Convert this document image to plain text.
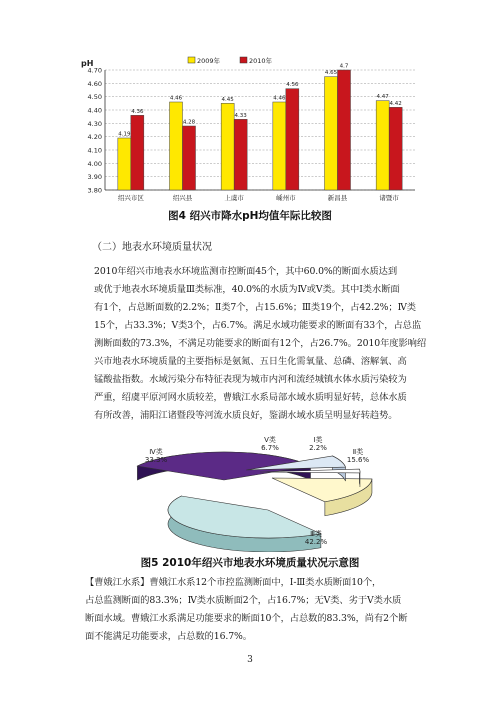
2009年	2010年
pH
4.70
4.60
4.50
4.40
4.30
4.20
4.10
4.00
3.90
3.80
4.19
4.36
绍兴市区
4.46
4.28
绍兴县
4.45
4.33
上虞市
4.46
4.56
嵊州市
4.65
4.7
新昌县
4.47
4.42
诸暨市
图4 绍兴市降水pH均值年际比较图
（二）地表水环境质量状况
2010年绍兴市地表水环境监测市控断面45个，其中60.0%的断面水质达到
或优于地表水环境质量Ⅲ类标准，40.0%的水质为Ⅳ或Ⅴ类。其中Ⅰ类水断面
有1个，占总断面数的2.2%；Ⅱ类7个，占15.6%；Ⅲ类19个，占42.2%；Ⅳ类
15个，占33.3%；Ⅴ类3个，占6.7%。满足水域功能要求的断面有33个，占总监
测断面数的73.3%，不满足功能要求的断面有12个，占26.7%。2010年度影响绍
兴市地表水环境质量的主要指标是氨氮、五日生化需氧量、总磷、溶解氧、高
锰酸盐指数。水域污染分布特征表现为城市内河和流经城镇水体水质污染较为
严重，绍虞平原河网水质较差，曹娥江水系局部水域水质明显好转，总体水质
有所改善，浦阳江诸暨段等河流水质良好，鉴湖水域水质呈明显好转趋势。
Ⅰ类
2.2%	Ⅱ类
15.6%
Ⅲ类
42.2%
Ⅳ类
33.3%
Ⅴ类
6.7%
图5 2010年绍兴市地表水环境质量状况示意图
【曹娥江水系】曹娥江水系12个市控监测断面中，Ⅰ-Ⅲ类水质断面10个，
占总监测断面的83.3%；Ⅳ类水质断面2个，占16.7%；无Ⅴ类、劣于Ⅴ类水质
断面水域。曹娥江水系满足功能要求的断面10个，占总数的83.3%，尚有2个断
面不能满足功能要求，占总数的16.7%。
3
